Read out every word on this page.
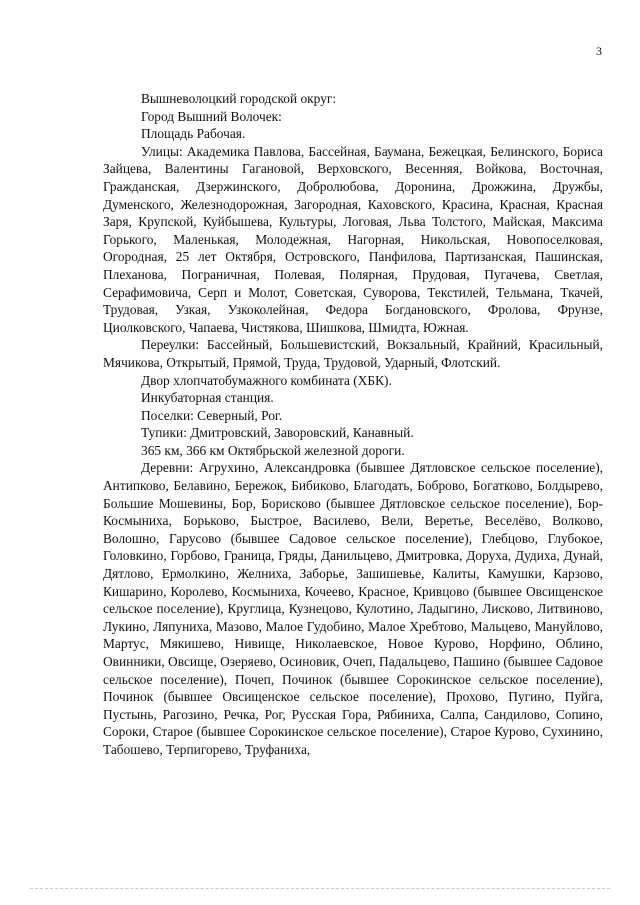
3

Вышневолоцкий городской округ:

Город Вышний Волочек:

Площадь Рабочая.

Улицы: Академика Павлова, Бассейная, Баумана, Бежецкая, Белинского, Бориса Зайцева, Валентины Гагановой, Верховского, Весенняя, Войкова, Восточная, Гражданская, Дзержинского, Добролюбова, Доронина, Дрожжина, Дружбы, Думенского, Железнодорожная, Загородная, Каховского, Красина, Красная, Красная Заря, Крупской, Куйбышева, Культуры, Логовая, Льва Толстого, Майская, Максима Горького, Маленькая, Молодежная, Нагорная, Никольская, Новопоселковая, Огородная, 25 лет Октября, Островского, Панфилова, Партизанская, Пашинская, Плеханова, Пограничная, Полевая, Полярная, Прудовая, Пугачева, Светлая, Серафимовича, Серп и Молот, Советская, Суворова, Текстилей, Тельмана, Ткачей, Трудовая, Узкая, Узкоколейная, Федора Богдановского, Фролова, Фрунзе, Циолковского, Чапаева, Чистякова, Шишкова, Шмидта, Южная.

Переулки: Бассейный, Большевистский, Вокзальный, Крайний, Красильный, Мячикова, Открытый, Прямой, Труда, Трудовой, Ударный, Флотский.

Двор хлопчатобумажного комбината (ХБК).

Инкубаторная станция.

Поселки: Северный, Рог.

Тупики: Дмитровский, Заворовский, Канавный.

365 км, 366 км Октябрьской железной дороги.

Деревни: Агрухино, Александровка (бывшее Дятловское сельское поселение), Антипково, Белавино, Бережок, Бибиково, Благодать, Боброво, Богатково, Болдырево, Большие Мошевины, Бор, Борисково (бывшее Дятловское сельское поселение), Бор-Космыниха, Борьково, Быстрое, Василево, Вели, Веретье, Веселёво, Волково, Волошно, Гарусово (бывшее Садовое сельское поселение), Глебцово, Глубокое, Головкино, Горбово, Граница, Гряды, Данильцево, Дмитровка, Доруха, Дудиха, Дунай, Дятлово, Ермолкино, Желниха, Заборье, Зашишевье, Калиты, Камушки, Карзово, Кишарино, Королево, Космыниха, Кочеево, Красное, Кривцово (бывшее Овсищенское сельское поселение), Круглица, Кузнецово, Кулотино, Ладыгино, Лисково, Литвиново, Лукино, Ляпуниха, Мазово, Малое Гудобино, Малое Хребтово, Мальцево, Мануйлово, Мартус, Мякишево, Нивище, Николаевское, Новое Курово, Норфино, Облино, Овинники, Овсище, Озеряево, Осиновик, Очеп, Падальцево, Пашино (бывшее Садовое сельское поселение), Почеп, Починок (бывшее Сорокинское сельское поселение), Починок (бывшее Овсищенское сельское поселение), Прохово, Пугино, Пуйга, Пустынь, Рагозино, Речка, Рог, Русская Гора, Рябиниха, Салпа, Сандилово, Сопино, Сороки, Старое (бывшее Сорокинское сельское поселение), Старое Курово, Сухинино, Табошево, Терпигорево, Труфаниха,
